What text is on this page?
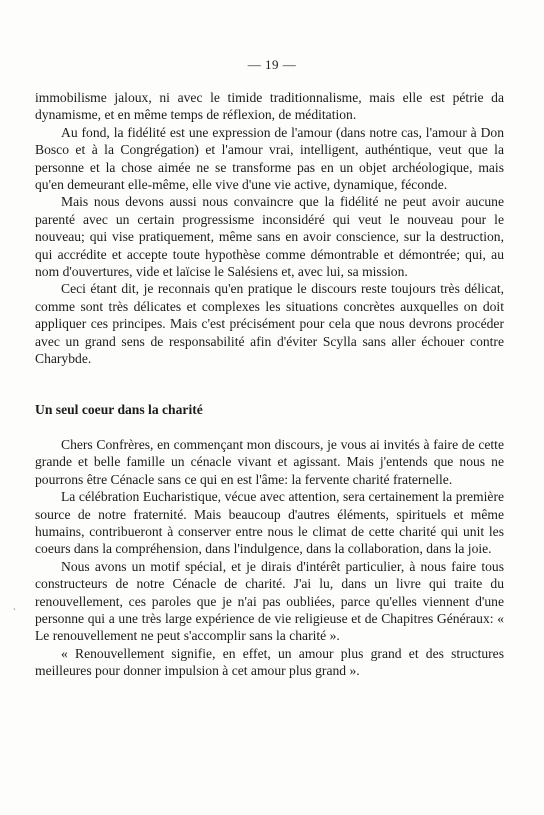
— 19 —
ˎ

immobilisme jaloux, ni avec le timide traditionnalisme, mais elle est pétrie da dynamisme, et en même temps de réflexion, de méditation.

Au fond, la fidélité est une expression de l'amour (dans notre cas, l'amour à Don Bosco et à la Congrégation) et l'amour vrai, intelligent, authéntique, veut que la personne et la chose aimée ne se transforme pas en un objet archéologique, mais qu'en demeurant elle-même, elle vive d'une vie active, dynamique, féconde.

Mais nous devons aussi nous convaincre que la fidélité ne peut avoir aucune parenté avec un certain progressisme inconsidéré qui veut le nouveau pour le nouveau; qui vise pratiquement, même sans en avoir conscience, sur la destruction, qui accrédite et accepte toute hypothèse comme démontrable et démontrée; qui, au nom d'ouvertures, vide et laïcise le Salésiens et, avec lui, sa mission.

Ceci étant dit, je reconnais qu'en pratique le discours reste toujours très délicat, comme sont très délicates et complexes les situations concrètes auxquelles on doit appliquer ces principes. Mais c'est précisément pour cela que nous devrons procéder avec un grand sens de responsabilité afin d'éviter Scylla sans aller échouer contre Charybde.

Un seul coeur dans la charité

Chers Confrères, en commençant mon discours, je vous ai invités à faire de cette grande et belle famille un cénacle vivant et agissant. Mais j'entends que nous ne pourrons être Cénacle sans ce qui en est l'âme: la fervente charité fraternelle.

La célébration Eucharistique, vécue avec attention, sera certainement la première source de notre fraternité. Mais beaucoup d'autres éléments, spirituels et même humains, contribueront à conserver entre nous le climat de cette charité qui unit les coeurs dans la compréhension, dans l'indulgence, dans la collaboration, dans la joie.

Nous avons un motif spécial, et je dirais d'intérêt particulier, à nous faire tous constructeurs de notre Cénacle de charité. J'ai lu, dans un livre qui traite du renouvellement, ces paroles que je n'ai pas oubliées, parce qu'elles viennent d'une personne qui a une très large expérience de vie religieuse et de Chapitres Généraux: « Le renouvellement ne peut s'accomplir sans la charité ».

« Renouvellement signifie, en effet, un amour plus grand et des structures meilleures pour donner impulsion à cet amour plus grand ».
